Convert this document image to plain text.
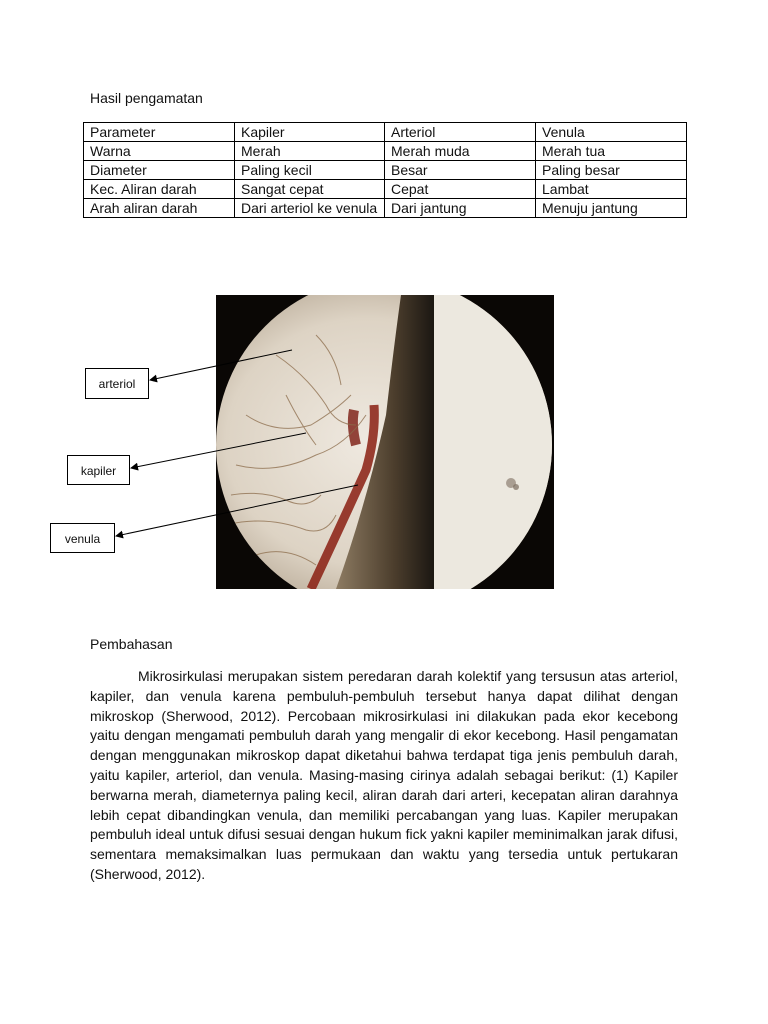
Hasil pengamatan
Parameter	Kapiler	Arteriol	Venula
Warna	Merah	Merah muda	Merah tua
Diameter	Paling kecil	Besar	Paling besar
Kec. Aliran darah	Sangat cepat	Cepat	Lambat
Arah aliran darah	Dari arteriol ke venula	Dari jantung	Menuju jantung
arteriol
kapiler
venula
Pembahasan

Mikrosirkulasi merupakan sistem peredaran darah kolektif yang tersusun atas arteriol, kapiler, dan venula karena pembuluh-pembuluh tersebut hanya dapat dilihat dengan mikroskop (Sherwood, 2012). Percobaan mikrosirkulasi ini dilakukan pada ekor kecebong yaitu dengan mengamati pembuluh darah yang mengalir di ekor kecebong. Hasil pengamatan dengan menggunakan mikroskop dapat diketahui bahwa terdapat tiga jenis pembuluh darah, yaitu kapiler, arteriol, dan venula. Masing-masing cirinya adalah sebagai berikut: (1) Kapiler berwarna merah, diameternya paling kecil, aliran darah dari arteri, kecepatan aliran darahnya lebih cepat dibandingkan venula, dan memiliki percabangan yang luas. Kapiler merupakan pembuluh ideal untuk difusi sesuai dengan hukum fick yakni kapiler meminimalkan jarak difusi, sementara memaksimalkan luas permukaan dan waktu yang tersedia untuk pertukaran (Sherwood, 2012).
